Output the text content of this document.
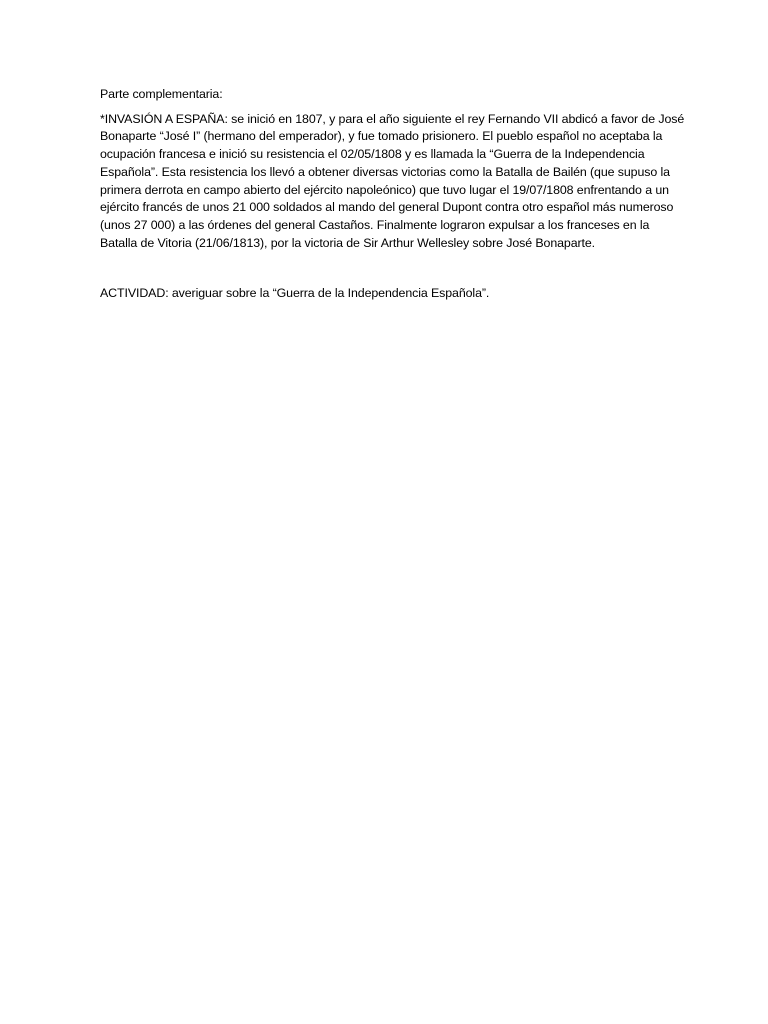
Parte complementaria:

*INVASIÓN A ESPAÑA: se inició en 1807, y para el año siguiente el rey Fernando VII abdicó a favor de José Bonaparte “José I” (hermano del emperador), y fue tomado prisionero. El pueblo español no aceptaba la ocupación francesa e inició su resistencia el 02/05/1808 y es llamada la “Guerra de la Independencia Española”. Esta resistencia los llevó a obtener diversas victorias como la Batalla de Bailén (que supuso la primera derrota en campo abierto del ejército napoleónico) que tuvo lugar el 19/07/1808 enfrentando a un ejército francés de unos 21 000 soldados al mando del general Dupont contra otro español más numeroso (unos 27 000) a las órdenes del general Castaños. Finalmente lograron expulsar a los franceses en la Batalla de Vitoria (21/06/1813), por la victoria de Sir Arthur Wellesley sobre José Bonaparte.

ACTIVIDAD: averiguar sobre la “Guerra de la Independencia Española”.
